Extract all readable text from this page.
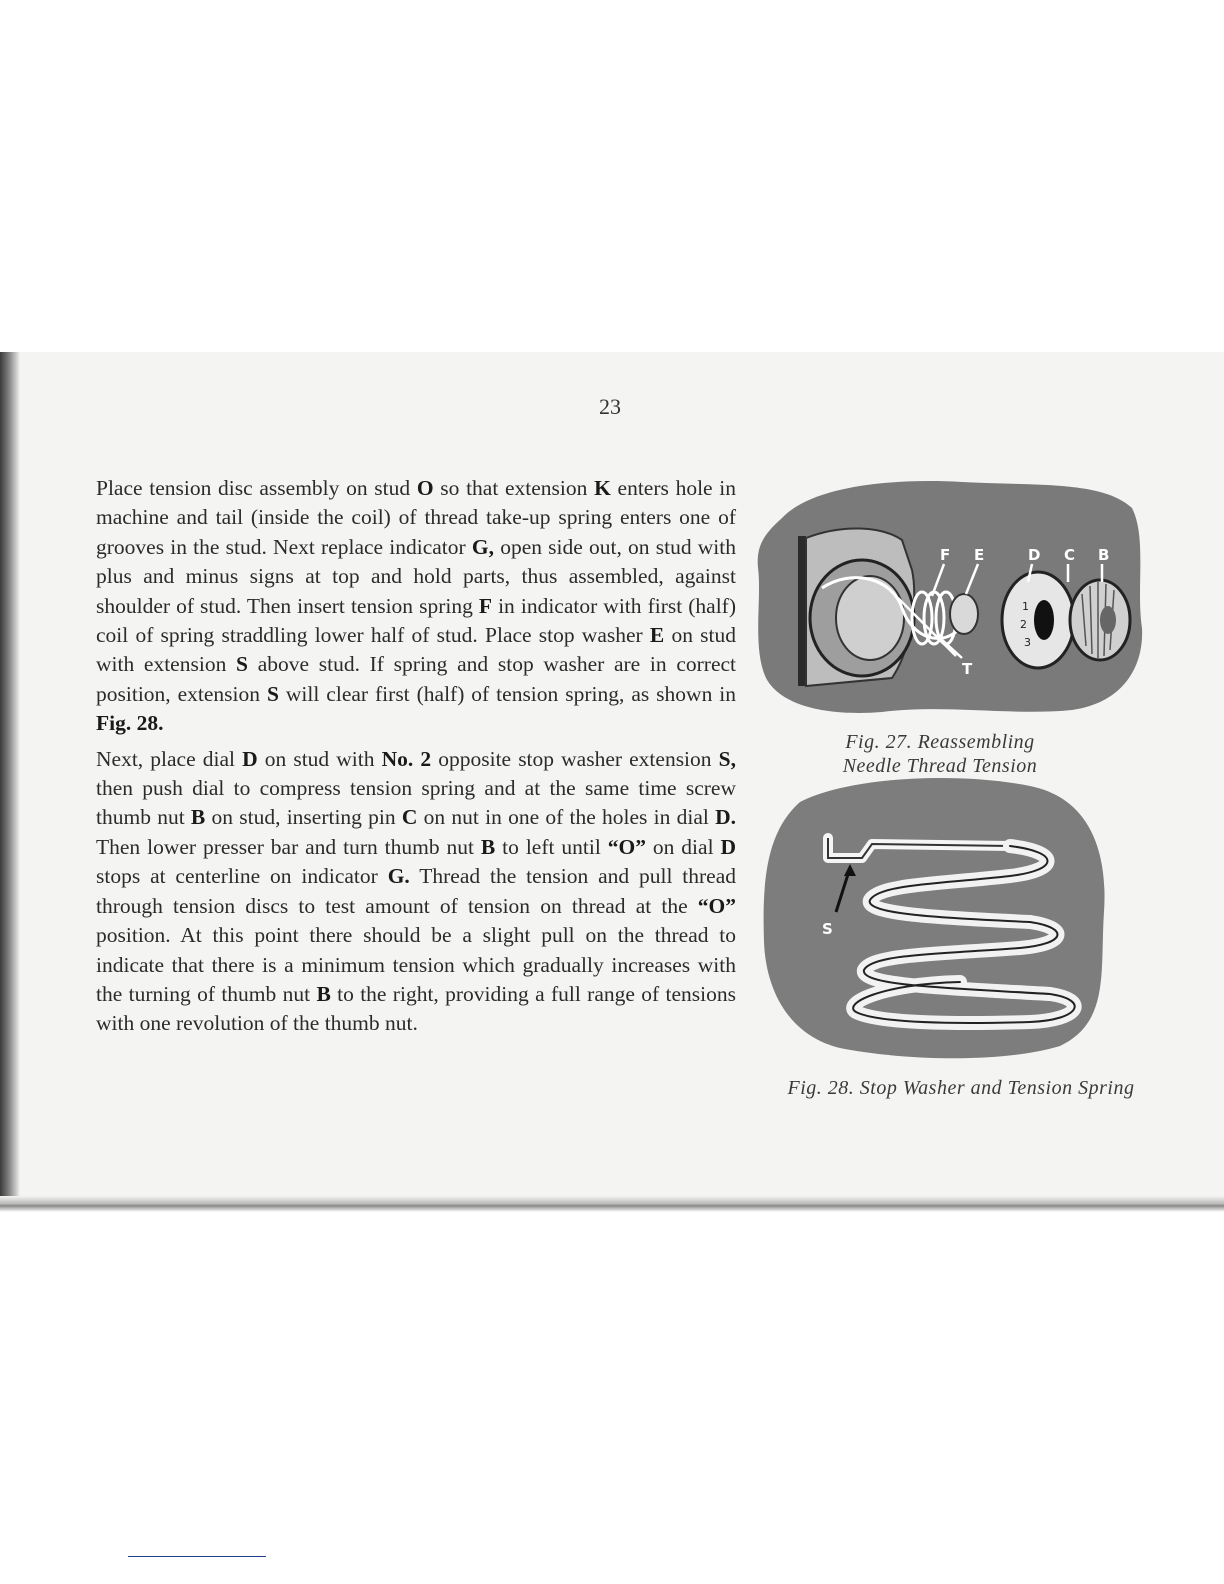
23

Place tension disc assembly on stud O so that extension K enters hole in machine and tail (inside the coil) of thread take-up spring enters one of grooves in the stud. Next replace indicator G, open side out, on stud with plus and minus signs at top and hold parts, thus assembled, against shoulder of stud. Then insert tension spring F in indicator with first (half) coil of spring straddling lower half of stud. Place stop washer E on stud with extension S above stud. If spring and stop washer are in correct position, extension S will clear first (half) of tension spring, as shown in Fig. 28.

Next, place dial D on stud with No. 2 opposite stop washer extension S, then push dial to compress tension spring and at the same time screw thumb nut B on stud, inserting pin C on nut in one of the holes in dial D. Then lower presser bar and turn thumb nut B to left until “O” on dial D stops at centerline on indicator G. Thread the tension and pull thread through tension discs to test amount of tension on thread at the “O” position. At this point there should be a slight pull on the thread to indicate that there is a minimum tension which gradually increases with the turning of thumb nut B to the right, providing a full range of tensions with one revolution of the thumb nut.

1
2
3
F E	D C B
T
Fig. 27. Reassembling
Needle Thread Tension
S
Fig. 28. Stop Washer and Tension Spring
